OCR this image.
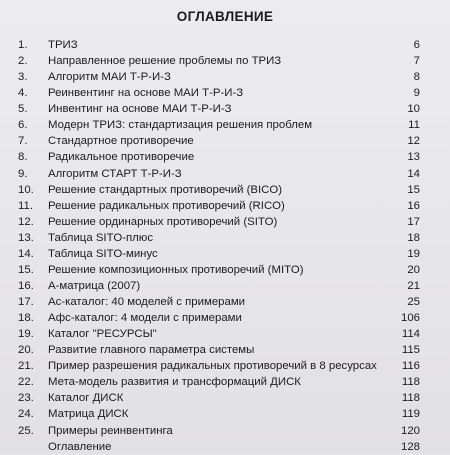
ОГЛАВЛЕНИЕ
1.	ТРИЗ	6
2.	Направленное решение проблемы по ТРИЗ	7
3.	Алгоритм МАИ Т-Р-И-З	8
4.	Реинвентинг на основе МАИ Т-Р-И-З	9
5.	Инвентинг на основе МАИ Т-Р-И-З	10
6.	Модерн ТРИЗ: стандартизация решения проблем	11
7.	Стандартное противоречие	12
8.	Радикальное противоречие	13
9.	Алгоритм СТАРТ Т-Р-И-З	14
10.	Решение стандартных противоречий (BICO)	15
11.	Решение радикальных противоречий (RICO)	16
12.	Решение ординарных противоречий (SITO)	17
13.	Таблица SITO-плюс	18
14.	Таблица SITO-минус	19
15.	Решение композиционных противоречий (MITO)	20
16.	А-матрица (2007)	21
17.	Ас-каталог: 40 моделей с примерами	25
18.	Афс-каталог: 4 модели с примерами	106
19.	Каталог "РЕСУРСЫ"	114
20.	Развитие главного параметра системы	115
21.	Пример разрешения радикальных противоречий в 8 ресурсах	116
22.	Мета-модель развития и трансформаций ДИСК	118
23.	Каталог ДИСК	118
24.	Матрица ДИСК	119
25.	Примеры реинвентинга	120
Оглавление	128
